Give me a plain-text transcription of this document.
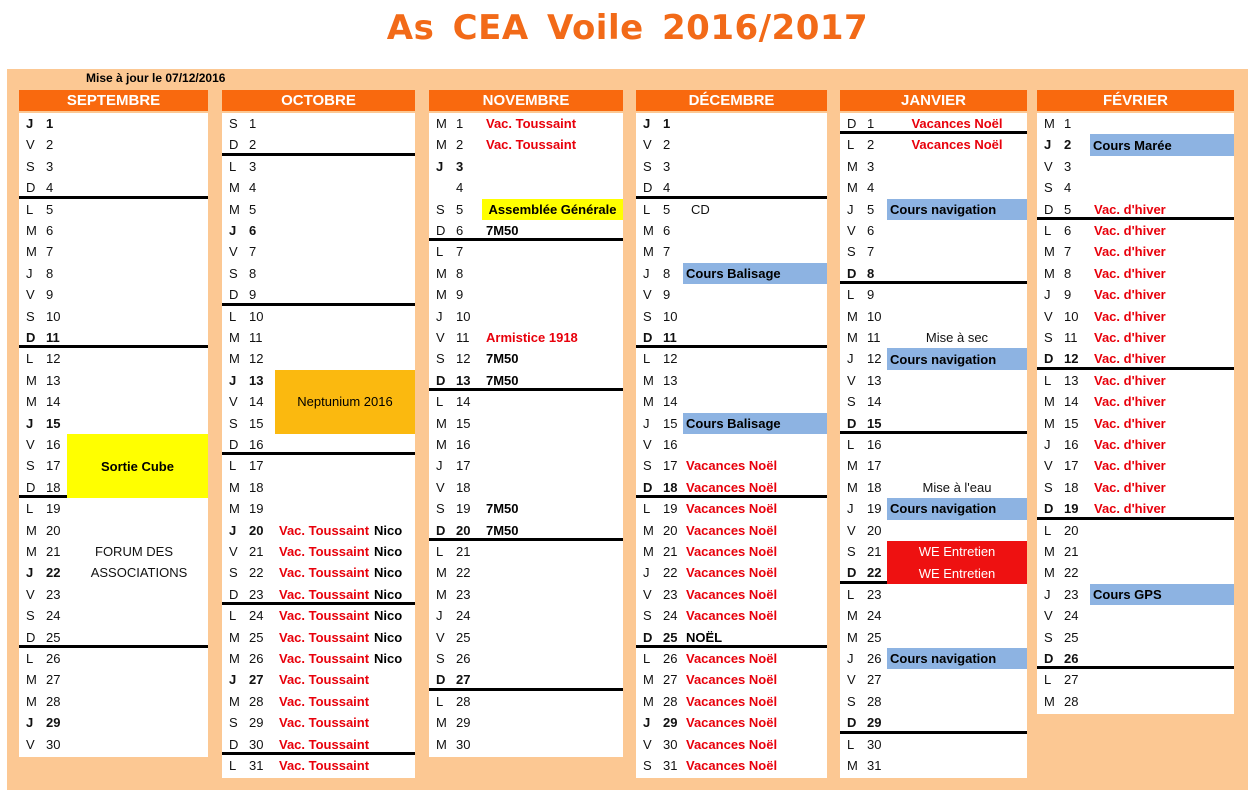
As CEA Voile 2016/2017
Mise à jour le 07/12/2016
SEPTEMBRE
J 1
V 2
S 3
D 4
L 5
M 6
M 7
J 8
V 9
S 10
D 11
L 12
M 13
M 14
J 15
V 16
S 17
D 18
L 19
M 20
M 21
J 22
V 23
S 24
D 25
L 26
M 27
M 28
J 29
V 30
Sortie Cube
FORUM DES
ASSOCIATIONS
OCTOBRE
S 1
D 2
L 3
M 4
M 5
J 6
V 7
S 8
D 9
L 10
M 11
M 12
J 13
V 14
S 15
D 16
L 17
M 18
M 19
J 20
V 21
S 22
D 23
L 24
M 25
M 26
J 27
M 28
S 29
D 30
L 31
Neptunium 2016
Vac. Toussaint Nico
Vac. Toussaint Nico
Vac. Toussaint Nico
Vac. Toussaint Nico
Vac. Toussaint Nico
Vac. Toussaint Nico
Vac. Toussaint Nico
Vac. Toussaint
Vac. Toussaint
Vac. Toussaint
Vac. Toussaint
Vac. Toussaint
NOVEMBRE
M 1
M 2
J 3
4
S 5
D 6
L 7
M 8
M 9
J 10
V 11
S 12
D 13
L 14
M 15
M 16
J 17
V 18
S 19
D 20
L 21
M 22
M 23
J 24
V 25
S 26
D 27
L 28
M 29
M 30
Vac. Toussaint
Vac. Toussaint
Assemblée Générale
7M50
Armistice 1918
7M50
7M50
7M50
7M50
DÉCEMBRE
J 1
V 2
S 3
D 4
L 5
M 6
M 7
J 8
V 9
S 10
D 11
L 12
M 13
M 14
J 15
V 16
S 17
D 18
L 19
M 20
M 21
J 22
V 23
S 24
D 25
L 26
M 27
M 28
J 29
V 30
S 31
CD
Cours Balisage
Cours Balisage
Vacances Noël
Vacances Noël
Vacances Noël
Vacances Noël
Vacances Noël
Vacances Noël
Vacances Noël
Vacances Noël
NOËL
Vacances Noël
Vacances Noël
Vacances Noël
Vacances Noël
Vacances Noël
Vacances Noël
JANVIER
D 1
L 2
M 3
M 4
J 5
V 6
S 7
D 8
L 9
M 10
M 11
J 12
V 13
S 14
D 15
L 16
M 17
M 18
J 19
V 20
S 21
D 22
L 23
M 24
M 25
J 26
V 27
S 28
D 29
L 30
M 31
Vacances Noël
Vacances Noël
Cours navigation
Mise à sec
Cours navigation
Mise à l'eau
Cours navigation
WE Entretien
WE Entretien
Cours navigation
FÉVRIER
M 1
J 2
V 3
S 4
D 5
L 6
M 7
M 8
J 9
V 10
S 11
D 12
L 13
M 14
M 15
J 16
V 17
S 18
D 19
L 20
M 21
M 22
J 23
V 24
S 25
D 26
L 27
M 28
Cours Marée
Vac. d'hiver
Vac. d'hiver
Vac. d'hiver
Vac. d'hiver
Vac. d'hiver
Vac. d'hiver
Vac. d'hiver
Vac. d'hiver
Vac. d'hiver
Vac. d'hiver
Vac. d'hiver
Vac. d'hiver
Vac. d'hiver
Vac. d'hiver
Vac. d'hiver
Cours GPS
